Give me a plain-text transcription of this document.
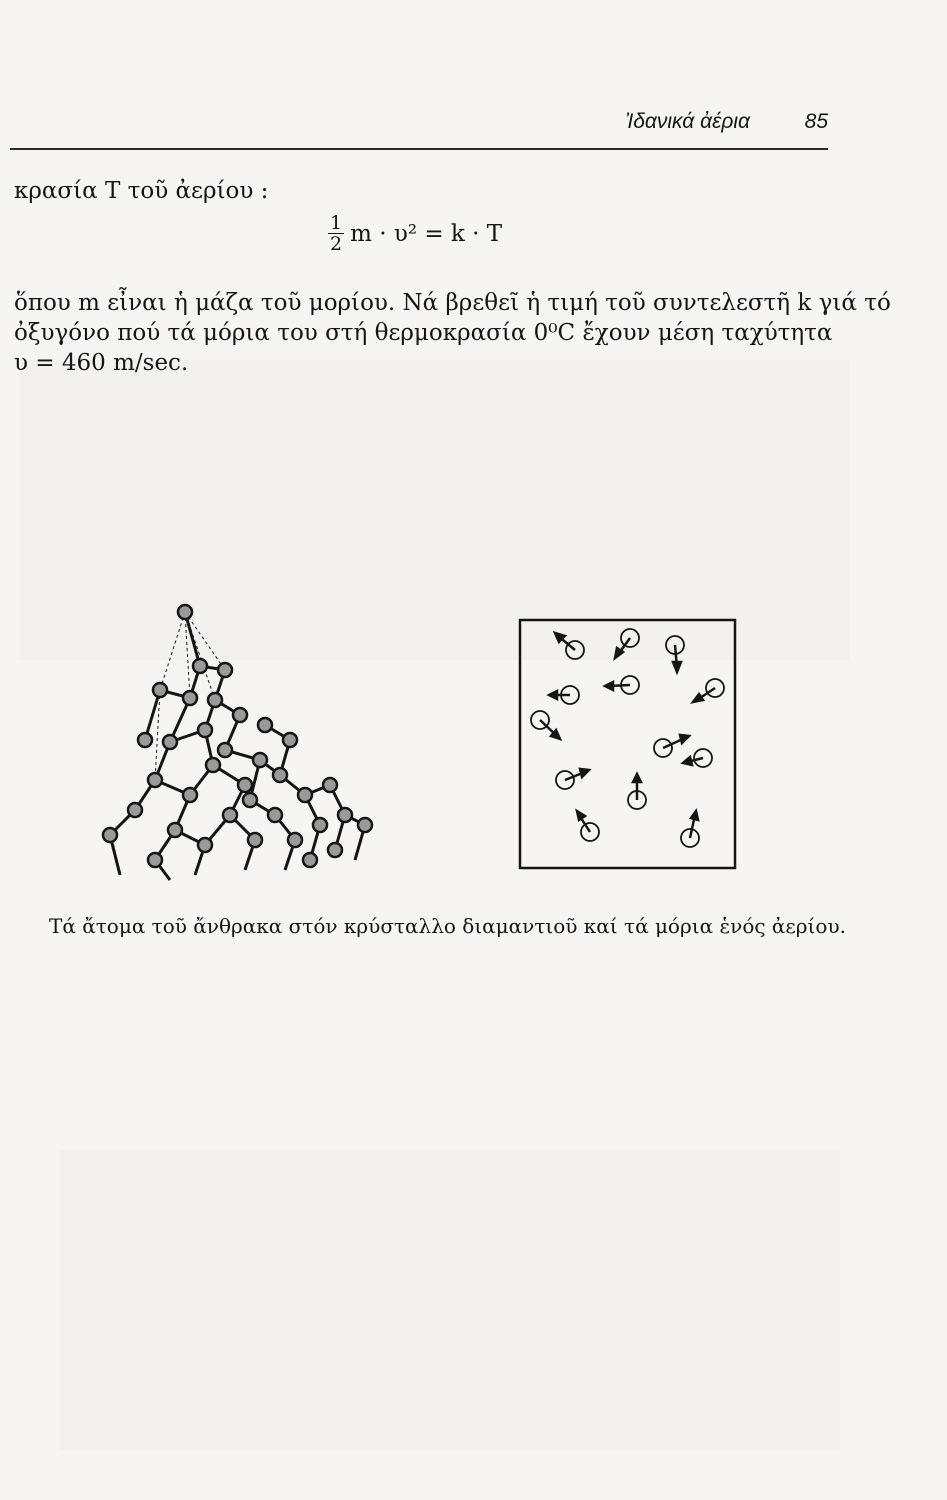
Ἰδανικά ἀέρια	85
κρασία T τοῦ ἀερίου :
$\frac{1}{2}$ m · υ² = k · T
ὅπου m εἶναι ἡ μάζα τοῦ μορίου. Νά βρεθεῖ ἡ τιμή τοῦ συντελεστῆ k γιά τό
ὀξυγόνο πού τά μόρια του στή θερμοκρασία 0⁰C ἔχουν μέση ταχύτητα
υ = 460 m/sec.
Τά ἄτομα τοῦ ἄνθρακα στόν κρύσταλλο διαμαντιοῦ καί τά μόρια ἑνός ἀερίου.
